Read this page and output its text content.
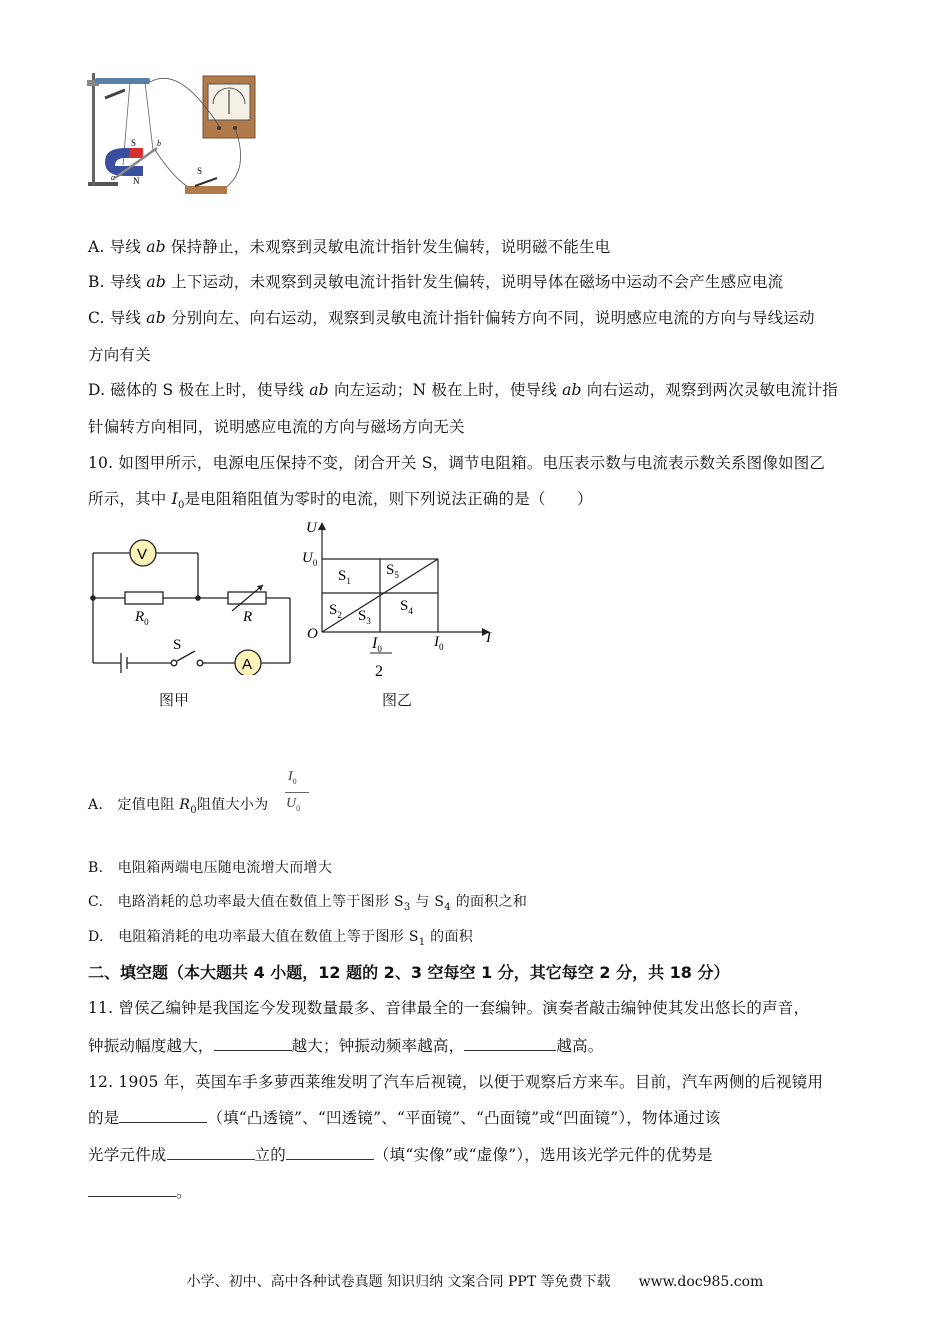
S
N
a
b
S
A. 导线 ab 保持静止，未观察到灵敏电流计指针发生偏转，说明磁不能生电
B. 导线 ab 上下运动，未观察到灵敏电流计指针发生偏转，说明导体在磁场中运动不会产生感应电流
C. 导线 ab 分别向左、向右运动，观察到灵敏电流计指针偏转方向不同，说明感应电流的方向与导线运动
方向有关
D. 磁体的 S 极在上时，使导线 ab 向左运动；N 极在上时，使导线 ab 向右运动，观察到两次灵敏电流计指
针偏转方向相同，说明感应电流的方向与磁场方向无关
10. 如图甲所示，电源电压保持不变，闭合开关 S，调节电阻箱。电压表示数与电流表示数关系图像如图乙
所示，其中 $I_0$是电阻箱阻值为零时的电流，则下列说法正确的是（　　）
V
A
$R_0$	R
S
图甲
U
$U_0$
O	I
$I_0$
$I_0$
2
$S_1$
$S_2$ $S_3$
$S_4$
$S_5$
图乙
A.　定值电阻 $R_0$阻值大小为
$I_0$
$U_0$
B.　电阻箱两端电压随电流增大而增大
C.　电路消耗的总功率最大值在数值上等于图形 $S_3$ 与 $S_4$ 的面积之和
D.　电阻箱消耗的电功率最大值在数值上等于图形 $S_1$ 的面积
二、填空题（本大题共 4 小题，12 题的 2、3 空每空 1 分，其它每空 2 分，共 18 分）
11. 曾侯乙编钟是我国迄今发现数量最多、音律最全的一套编钟。演奏者敲击编钟使其发出悠长的声音，
钟振动幅度越大，	越大；钟振动频率越高，	越高。
12. 1905 年，英国车手多萝西莱维发明了汽车后视镜，以便于观察后方来车。目前，汽车两侧的后视镜用
的是	（填“凸透镜”、“凹透镜”、“平面镜”、“凸面镜”或“凹面镜”），物体通过该
光学元件成	立的	（填“实像”或“虚像”），选用该光学元件的优势是
。
小学、初中、高中各种试卷真题 知识归纳 文案合同 PPT 等免费下载　　www.doc985.com
